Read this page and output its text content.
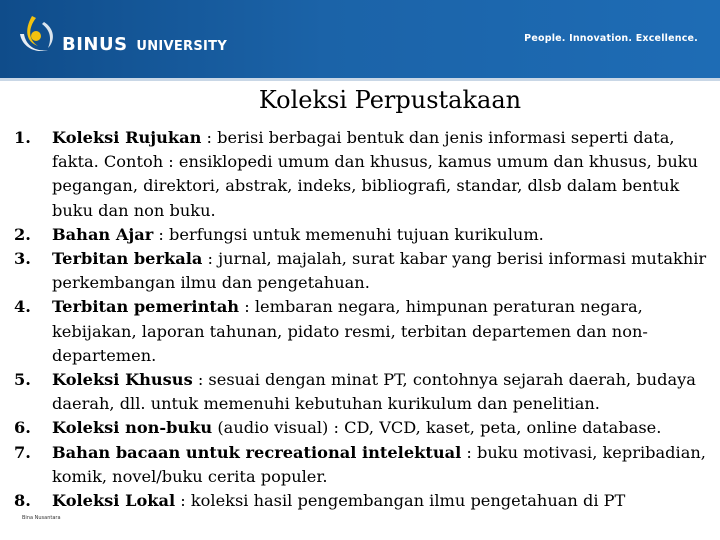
BINUS UNIVERSITY
People. Innovation. Excellence.
Koleksi Perpustakaan
1. Koleksi Rujukan : berisi berbagai bentuk dan jenis informasi seperti data, fakta. Contoh : ensiklopedi umum dan khusus, kamus umum dan khusus, buku pegangan, direktori, abstrak, indeks, bibliografi, standar, dlsb dalam bentuk buku dan non buku.
2. Bahan Ajar : berfungsi untuk memenuhi tujuan kurikulum.
3. Terbitan berkala : jurnal, majalah, surat kabar yang berisi informasi mutakhir perkembangan ilmu dan pengetahuan.
4. Terbitan pemerintah : lembaran negara, himpunan peraturan negara, kebijakan, laporan tahunan, pidato resmi, terbitan departemen dan non-departemen.
5. Koleksi Khusus : sesuai dengan minat PT, contohnya sejarah daerah, budaya daerah, dll. untuk memenuhi kebutuhan kurikulum dan penelitian.
6. Koleksi non-buku (audio visual) : CD, VCD, kaset, peta, online database.
7. Bahan bacaan untuk recreational intelektual : buku motivasi, kepribadian, komik, novel/buku cerita populer.
8. Koleksi Lokal : koleksi hasil pengembangan ilmu pengetahuan di PT
Bina Nusantara
